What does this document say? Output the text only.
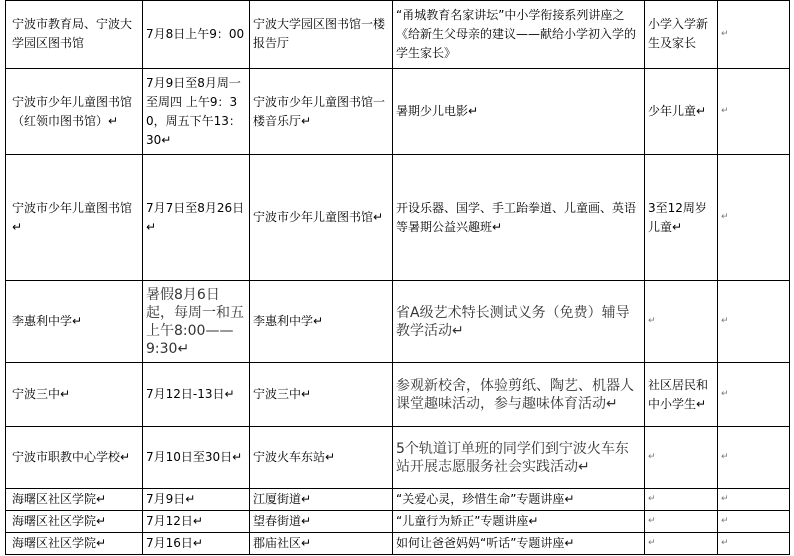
宁波市教育局、宁波大学园区图书馆	7月8日上午9：00	宁波大学园区图书馆一楼报告厅	“甬城教育名家讲坛”中小学衔接系列讲座之《给新生父母亲的建议——献给小学初入学的学生家长》	小学入学新生及家长	↵
宁波市少年儿童图书馆（红领巾图书馆）↵	7月9日至8月周一至周四 上午9：30，周五下午13：30↵	宁波市少年儿童图书馆一楼音乐厅↵	暑期少儿电影↵	少年儿童↵	↵
宁波市少年儿童图书馆↵	7月7日至8月26日↵	宁波市少年儿童图书馆↵	开设乐器、国学、手工跆拳道、儿童画、英语等暑期公益兴趣班↵	3至12周岁儿童↵	↵
李惠利中学↵	暑假8月6日起，每周一和五上午8:00——9:30↵	李惠利中学↵	省A级艺术特长测试义务（免费）辅导教学活动↵	↵	↵
宁波三中↵	7月12日-13日↵	宁波三中↵	参观新校舍，体验剪纸、陶艺、机器人课堂趣味活动，参与趣味体育活动↵	社区居民和中小学生↵	↵
宁波市职教中心学校↵	7月10日至30日↵	宁波火车东站↵	5个轨道订单班的同学们到宁波火车东站开展志愿服务社会实践活动↵	↵	↵
海曙区社区学院↵	7月9日↵	江厦街道↵	“关爱心灵，珍惜生命”专题讲座↵	↵	↵
海曙区社区学院↵	7月12日↵	望春街道↵	“儿童行为矫正”专题讲座↵	↵	↵
海曙区社区学院↵	7月16日↵	郡庙社区↵	如何让爸爸妈妈“听话”专题讲座↵	↵	↵
